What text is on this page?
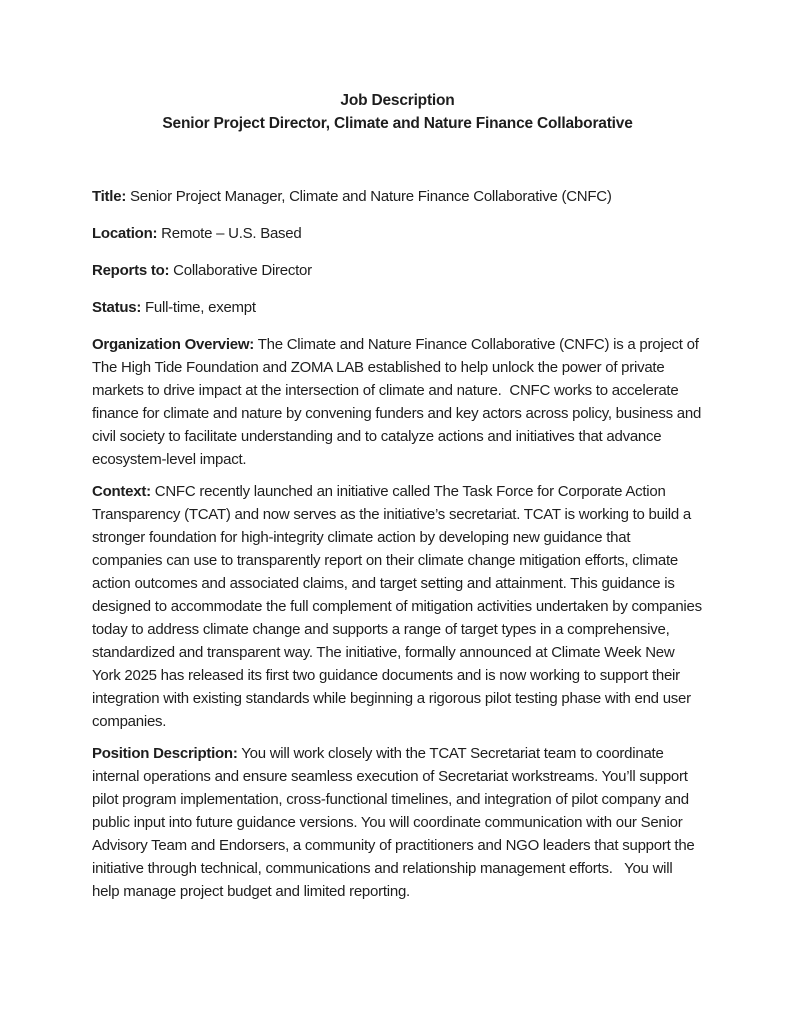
Job Description

Senior Project Director, Climate and Nature Finance Collaborative

Title: Senior Project Manager, Climate and Nature Finance Collaborative (CNFC)

Location: Remote – U.S. Based

Reports to: Collaborative Director

Status: Full-time, exempt

Organization Overview: The Climate and Nature Finance Collaborative (CNFC) is a project of The High Tide Foundation and ZOMA LAB established to help unlock the power of private markets to drive impact at the intersection of climate and nature.  CNFC works to accelerate finance for climate and nature by convening funders and key actors across policy, business and civil society to facilitate understanding and to catalyze actions and initiatives that advance ecosystem-level impact.

Context: CNFC recently launched an initiative called The Task Force for Corporate Action Transparency (TCAT) and now serves as the initiative’s secretariat. TCAT is working to build a stronger foundation for high-integrity climate action by developing new guidance that companies can use to transparently report on their climate change mitigation efforts, climate action outcomes and associated claims, and target setting and attainment. This guidance is designed to accommodate the full complement of mitigation activities undertaken by companies today to address climate change and supports a range of target types in a comprehensive, standardized and transparent way. The initiative, formally announced at Climate Week New York 2025 has released its first two guidance documents and is now working to support their integration with existing standards while beginning a rigorous pilot testing phase with end user companies.

Position Description: You will work closely with the TCAT Secretariat team to coordinate internal operations and ensure seamless execution of Secretariat workstreams. You’ll support pilot program implementation, cross-functional timelines, and integration of pilot company and public input into future guidance versions. You will coordinate communication with our Senior Advisory Team and Endorsers, a community of practitioners and NGO leaders that support the initiative through technical, communications and relationship management efforts.   You will help manage project budget and limited reporting.
